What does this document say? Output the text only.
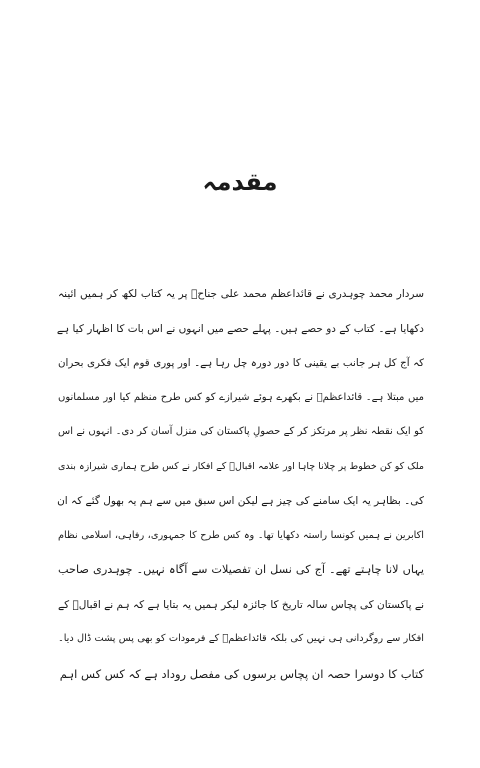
مقدمہ
سردار محمد چوہدری نے قائداعظم محمد علی جناحؒ پر یہ کتاب لکھ کر ہمیں ائینہ
دکھایا ہے۔ کتاب کے دو حصے ہیں۔ پہلے حصے میں انہوں نے اس بات کا اظہار کیا ہے
کہ آج کل ہر جانب بے یقینی کا دور دورہ چل رہا ہے۔ اور پوری قوم ایک فکری بحران
میں مبتلا ہے۔ قائداعظمؒ نے بکھرے ہوئے شیرازے کو کس طرح منظم کیا اور مسلمانوں
کو ایک نقطہ نظر پر مرتکز کر کے حصولِ پاکستان کی منزل آسان کر دی۔ انہوں نے اس
ملک کو کن خطوط پر چلانا چاہا اور علامہ اقبالؒ کے افکار نے کس طرح ہماری شیرازہ بندی
کی۔ بظاہر یہ ایک سامنے کی چیز ہے لیکن اس سبق میں سے ہم یہ بھول گئے کہ ان
اکابرین نے ہمیں کونسا راستہ دکھایا تھا۔ وہ کس طرح کا جمہوری، رفاہی، اسلامی نظام
یہاں لانا چاہتے تھے۔ آج کی نسل ان تفصیلات سے آگاہ نہیں۔ چوہدری صاحب
نے پاکستان کی پچاس سالہ تاریخ کا جائزہ لیکر ہمیں یہ بتایا ہے کہ ہم نے اقبالؒ کے
افکار سے روگردانی ہی نہیں کی بلکہ قائداعظمؒ کے فرمودات کو بھی پس پشت ڈال دیا۔
کتاب کا دوسرا حصہ ان پچاس برسوں کی مفصل روداد ہے کہ کس کس اہم
